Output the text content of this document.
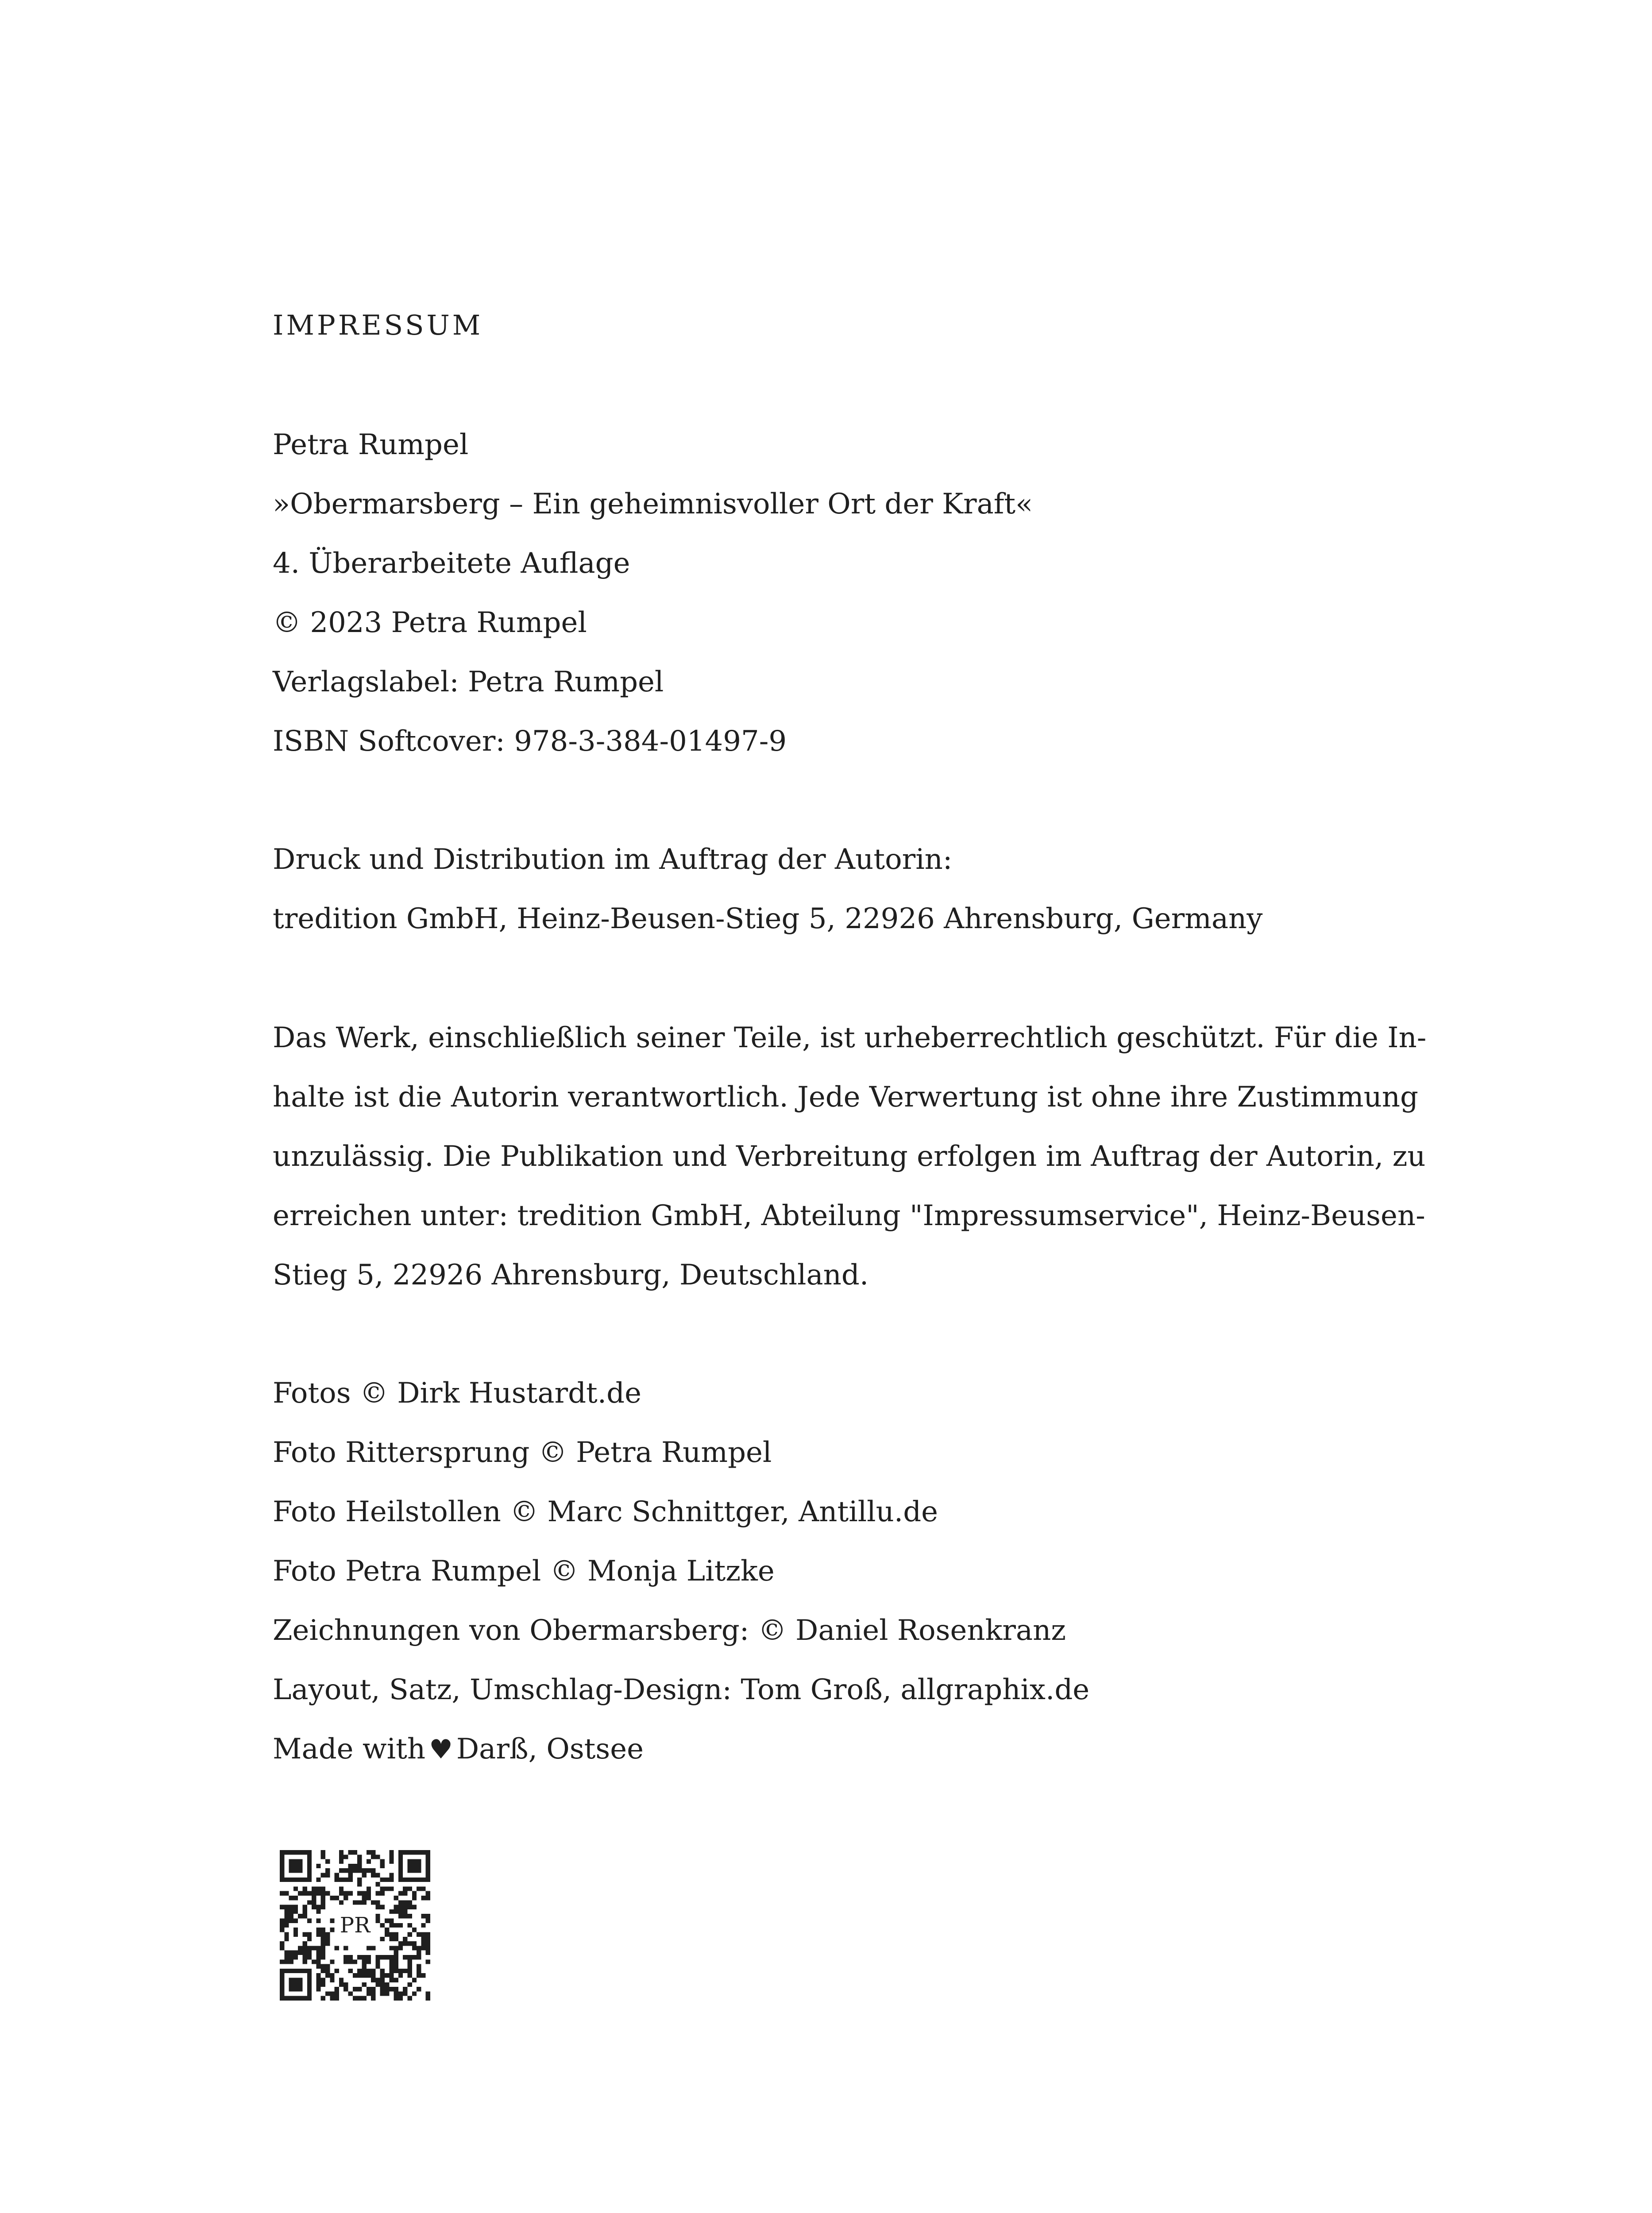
IMPRESSUM
Petra Rumpel
»Obermarsberg – Ein geheimnisvoller Ort der Kraft«
4. Überarbeitete Auflage
© 2023 Petra Rumpel
Verlagslabel: Petra Rumpel
ISBN Softcover: 978-3-384-01497-9
Druck und Distribution im Auftrag der Autorin:
tredition GmbH, Heinz-Beusen-Stieg 5, 22926 Ahrensburg, Germany
Das Werk, einschließlich seiner Teile, ist urheberrechtlich geschützt. Für die In-
halte ist die Autorin verantwortlich. Jede Verwertung ist ohne ihre Zustimmung
unzulässig. Die Publikation und Verbreitung erfolgen im Auftrag der Autorin, zu
erreichen unter: tredition GmbH, Abteilung "Impressumservice", Heinz-Beusen-
Stieg 5, 22926 Ahrensburg, Deutschland.
Fotos © Dirk Hustardt.de
Foto Rittersprung © Petra Rumpel
Foto Heilstollen © Marc Schnittger, Antillu.de
Foto Petra Rumpel © Monja Litzke
Zeichnungen von Obermarsberg: © Daniel Rosenkranz
Layout, Satz, Umschlag-Design: Tom Groß, allgraphix.de
Made with ♥ Darß, Ostsee
PR
